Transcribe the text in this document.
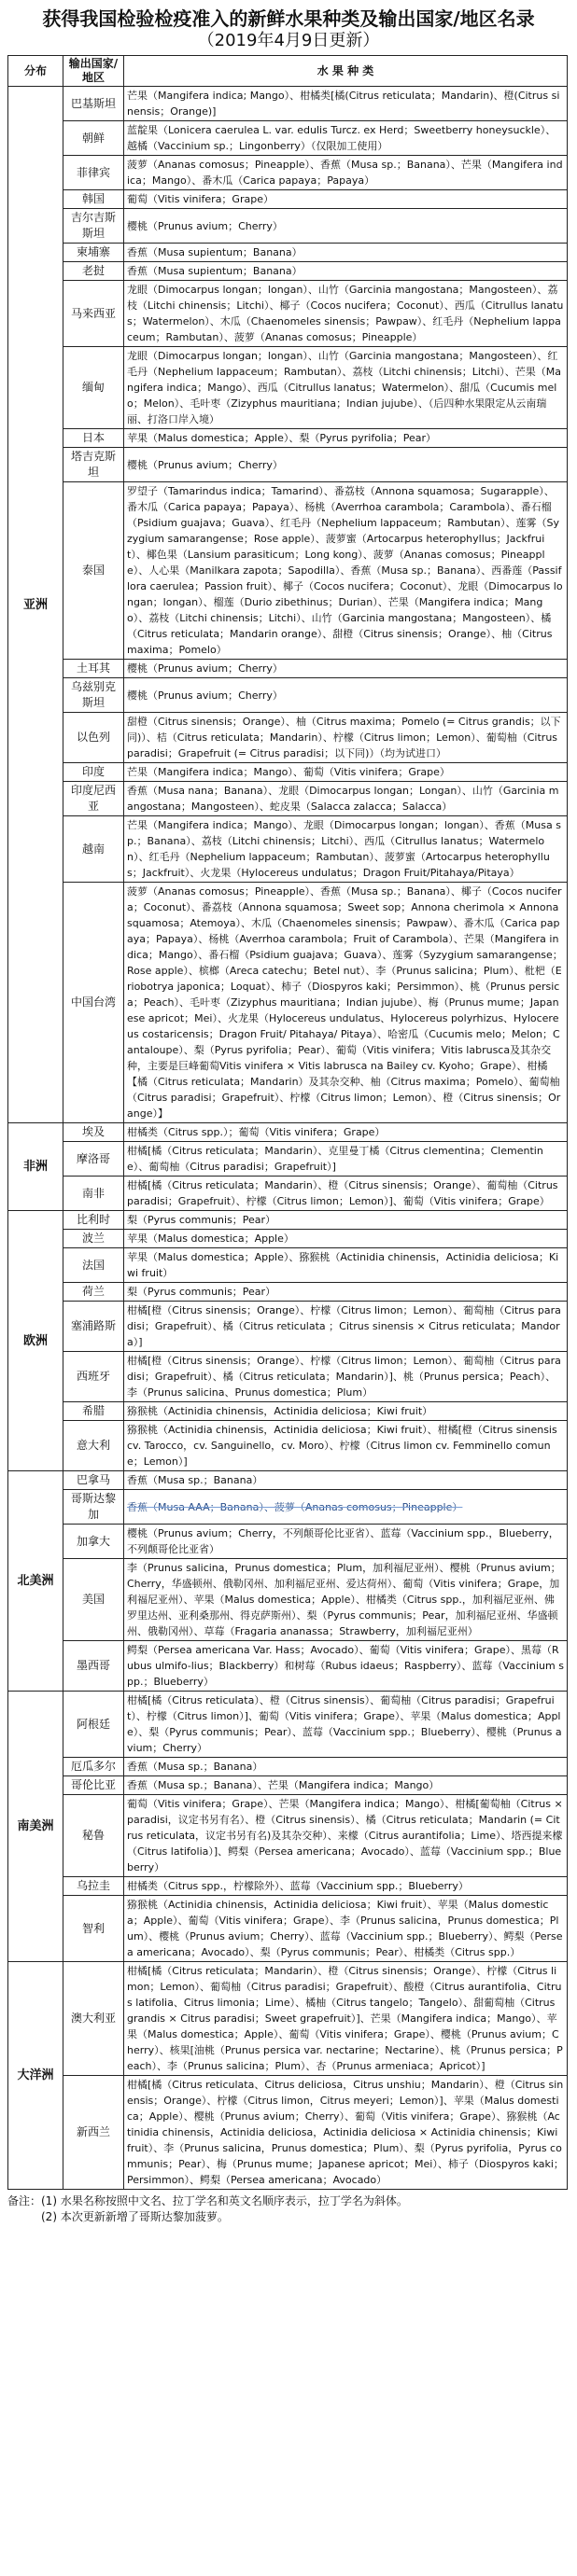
获得我国检验检疫准入的新鲜水果种类及输出国家/地区名录
（2019年4月9日更新）
分布	输出国家/地区	水 果 种 类
亚洲	巴基斯坦	芒果（Mangifera indica; Mango）、柑橘类[橘(Citrus reticulata；Mandarin)、橙(Citrus sinensis；Orange)]
	朝鲜	蓝靛果（Lonicera caerulea L. var. edulis Turcz. ex Herd；Sweetberry honeysuckle）、越橘（Vaccinium sp.；Lingonberry）（仅限加工使用）
	菲律宾	菠萝（Ananas comosus；Pineapple）、香蕉（Musa sp.；Banana）、芒果（Mangifera indica；Mango）、番木瓜（Carica papaya；Papaya）
	韩国	葡萄（Vitis vinifera；Grape）
	吉尔吉斯斯坦	樱桃（Prunus avium；Cherry）
	柬埔寨	香蕉（Musa supientum；Banana）
	老挝	香蕉（Musa supientum；Banana）
	马来西亚	龙眼（Dimocarpus longan；longan）、山竹（Garcinia mangostana；Mangosteen）、荔枝（Litchi chinensis；Litchi）、椰子（Cocos nucifera；Coconut）、西瓜（Citrullus lanatus；Watermelon）、木瓜（Chaenomeles sinensis；Pawpaw）、红毛丹（Nephelium lappaceum；Rambutan）、菠萝（Ananas comosus；Pineapple）
	缅甸	龙眼（Dimocarpus longan；longan）、山竹（Garcinia mangostana；Mangosteen）、红毛丹（Nephelium lappaceum；Rambutan）、荔枝（Litchi chinensis；Litchi）、芒果（Mangifera indica；Mango）、西瓜（Citrullus lanatus；Watermelon）、甜瓜（Cucumis melo；Melon）、毛叶枣（Zizyphus mauritiana；Indian jujube）、（后四种水果限定从云南瑞丽、打洛口岸入境）
	日本	苹果（Malus domestica；Apple）、梨（Pyrus pyrifolia；Pear）
	塔吉克斯坦	樱桃（Prunus avium；Cherry）
	泰国	罗望子（Tamarindus indica；Tamarind）、番荔枝（Annona squamosa；Sugarapple）、番木瓜（Carica papaya；Papaya）、杨桃（Averrhoa carambola；Carambola）、番石榴（Psidium guajava；Guava）、红毛丹（Nephelium lappaceum；Rambutan）、莲雾（Syzygium samarangense；Rose apple）、菠萝蜜（Artocarpus heterophyllus；Jackfruit）、椰色果（Lansium parasiticum；Long kong）、菠萝（Ananas comosus；Pineapple）、人心果（Manilkara zapota；Sapodilla）、香蕉（Musa sp.；Banana）、西番莲（Passiflora caerulea；Passion fruit）、椰子（Cocos nucifera；Coconut）、龙眼（Dimocarpus longan；longan）、榴莲（Durio zibethinus；Durian）、芒果（Mangifera indica；Mango）、荔枝（Litchi chinensis；Litchi）、山竹（Garcinia mangostana；Mangosteen）、橘（Citrus reticulata；Mandarin orange）、甜橙（Citrus sinensis；Orange）、柚（Citrus maxima；Pomelo）
	土耳其	樱桃（Prunus avium；Cherry）
	乌兹别克斯坦	樱桃（Prunus avium；Cherry）
	以色列	甜橙（Citrus sinensis；Orange）、柚（Citrus maxima；Pomelo (= Citrus grandis；以下同)）、桔（Citrus reticulata；Mandarin）、柠檬（Citrus limon；Lemon）、葡萄柚（Citrus paradisi；Grapefruit (= Citrus paradisi；以下同)）（均为试进口）
	印度	芒果（Mangifera indica；Mango）、葡萄（Vitis vinifera；Grape）
	印度尼西亚	香蕉（Musa nana；Banana）、龙眼（Dimocarpus longan；Longan）、山竹（Garcinia mangostana；Mangosteen）、蛇皮果（Salacca zalacca；Salacca）
	越南	芒果（Mangifera indica；Mango）、龙眼（Dimocarpus longan；longan）、香蕉（Musa sp.；Banana）、荔枝（Litchi chinensis；Litchi）、西瓜（Citrullus lanatus；Watermelon）、红毛丹（Nephelium lappaceum；Rambutan）、菠萝蜜（Artocarpus heterophyllus；Jackfruit）、火龙果（Hylocereus undulatus；Dragon Fruit/Pitahaya/Pitaya）
	中国台湾	菠萝（Ananas comosus；Pineapple）、香蕉（Musa sp.；Banana）、椰子（Cocos nucifera；Coconut）、番荔枝（Annona squamosa；Sweet sop；Annona cherimola × Annonasquamosa；Atemoya）、木瓜（Chaenomeles sinensis；Pawpaw）、番木瓜（Carica papaya；Papaya）、杨桃（Averrhoa carambola；Fruit of Carambola）、芒果（Mangifera indica；Mango）、番石榴（Psidium guajava；Guava）、莲雾（Syzygium samarangense；Rose apple）、槟榔（Areca catechu；Betel nut）、李（Prunus salicina；Plum）、枇杷（Eriobotrya japonica；Loquat）、柿子（Diospyros kaki；Persimmon）、桃（Prunus persica；Peach）、毛叶枣（Zizyphus mauritiana；Indian jujube）、梅（Prunus mume；Japanese apricot；Mei）、火龙果（Hylocereus undulatus、Hylocereus polyrhizus、Hylocereus costaricensis；Dragon Fruit/ Pitahaya/ Pitaya）、哈密瓜（Cucumis melo；Melon；Cantaloupe）、梨（Pyrus pyrifolia；Pear）、葡萄（Vitis vinifera；Vitis labrusca及其杂交种，主要是巨峰葡萄Vitis vinifera × Vitis labrusca na Bailey cv. Kyoho；Grape）、柑橘【橘（Citrus reticulata；Mandarin）及其杂交种、柚（Citrus maxima；Pomelo）、葡萄柚（Citrus paradisi；Grapefruit）、柠檬（Citrus limon；Lemon）、橙（Citrus sinensis；Orange）】
非洲	埃及	柑橘类（Citrus spp.）；葡萄（Vitis vinifera；Grape）
	摩洛哥	柑橘[橘（Citrus reticulata；Mandarin）、克里曼丁橘（Citrus clementina；Clementine）、葡萄柚（Citrus paradisi；Grapefruit）]
	南非	柑橘[橘（Citrus reticulata；Mandarin）、橙（Citrus sinensis；Orange）、葡萄柚（Citrus paradisi；Grapefruit）、柠檬（Citrus limon；Lemon）]、葡萄（Vitis vinifera；Grape）
欧洲	比利时	梨（Pyrus communis；Pear）
	波兰	苹果（Malus domestica；Apple）
	法国	苹果（Malus domestica；Apple）、猕猴桃（Actinidia chinensis，Actinidia deliciosa；Kiwi fruit）
	荷兰	梨（Pyrus communis；Pear）
	塞浦路斯	柑橘[橙（Citrus sinensis；Orange）、柠檬（Citrus limon；Lemon）、葡萄柚（Citrus paradisi；Grapefruit）、橘（Citrus reticulata ；Citrus sinensis × Citrus reticulata；Mandora）]
	西班牙	柑橘[橙（Citrus sinensis；Orange）、柠檬（Citrus limon；Lemon）、葡萄柚（Citrus paradisi；Grapefruit）、橘（Citrus reticulata；Mandarin）]、桃（Prunus persica；Peach）、李（Prunus salicina、Prunus domestica；Plum）
	希腊	猕猴桃（Actinidia chinensis，Actinidia deliciosa；Kiwi fruit）
	意大利	猕猴桃（Actinidia chinensis，Actinidia deliciosa；Kiwi fruit）、柑橘[橙（Citrus sinensis cv. Tarocco，cv. Sanguinello，cv. Moro）、柠檬（Citrus limon cv. Femminello comune；Lemon）]
北美洲	巴拿马	香蕉（Musa sp.；Banana）
	哥斯达黎加	香蕉（Musa AAA；Banana）、菠萝（Ananas comosus；Pineapple）
	加拿大	樱桃（Prunus avium；Cherry，不列颠哥伦比亚省）、蓝莓（Vaccinium spp.，Blueberry，不列颠哥伦比亚省）
	美国	李（Prunus salicina，Prunus domestica；Plum，加利福尼亚州）、樱桃（Prunus avium；Cherry，华盛顿州、俄勒冈州、加利福尼亚州、爱达荷州）、葡萄（Vitis vinifera；Grape，加利福尼亚州）、苹果（Malus domestica；Apple）、柑橘类（Citrus spp.，加利福尼亚州、佛罗里达州、亚利桑那州、得克萨斯州）、梨（Pyrus communis；Pear，加利福尼亚州、华盛顿州、俄勒冈州）、草莓（Fragaria ananassa；Strawberry，加利福尼亚州）
	墨西哥	鳄梨（Persea americana Var. Hass；Avocado）、葡萄（Vitis vinifera；Grape）、黑莓（Rubus ulmifo-lius；Blackberry）和树莓（Rubus idaeus；Raspberry）、蓝莓（Vaccinium spp.；Blueberry）
南美洲	阿根廷	柑橘[橘（Citrus reticulata）、橙（Citrus sinensis）、葡萄柚（Citrus paradisi；Grapefruit）、柠檬（Citrus limon）]、葡萄（Vitis vinifera；Grape）、苹果（Malus domestica；Apple）、梨（Pyrus communis；Pear）、蓝莓（Vaccinium spp.；Blueberry）、樱桃（Prunus avium；Cherry）
	厄瓜多尔	香蕉（Musa sp.；Banana）
	哥伦比亚	香蕉（Musa sp.；Banana）、芒果（Mangifera indica；Mango）
	秘鲁	葡萄（Vitis vinifera；Grape）、芒果（Mangifera indica；Mango）、柑橘[葡萄柚（Citrus × paradisi，议定书另有名）、橙（Citrus sinensis）、橘（Citrus reticulata；Mandarin (= Citrus reticulata，议定书另有名)及其杂交种）、来檬（Citrus aurantifolia；Lime）、塔西提来檬（Citrus latifolia）]、鳄梨（Persea americana；Avocado）、蓝莓（Vaccinium spp.；Blueberry）
	乌拉圭	柑橘类（Citrus spp.，柠檬除外）、蓝莓（Vaccinium spp.；Blueberry）
	智利	猕猴桃（Actinidia chinensis，Actinidia deliciosa；Kiwi fruit）、苹果（Malus domestica；Apple）、葡萄（Vitis vinifera；Grape）、李（Prunus salicina，Prunus domestica；Plum）、樱桃（Prunus avium；Cherry）、蓝莓（Vaccinium spp.；Blueberry）、鳄梨（Persea americana；Avocado）、梨（Pyrus communis；Pear）、柑橘类（Citrus spp.）
大洋洲	澳大利亚	柑橘[橘（Citrus reticulata；Mandarin）、橙（Citrus sinensis；Orange）、柠檬（Citrus limon；Lemon）、葡萄柚（Citrus paradisi；Grapefruit）、酸橙（Citrus aurantifolia、Citrus latifolia、Citrus limonia；Lime）、橘柚（Citrus tangelo；Tangelo）、甜葡萄柚（Citrus grandis × Citrus paradisi；Sweet grapefruit）]、芒果（Mangifera indica；Mango）、苹果（Malus domestica；Apple）、葡萄（Vitis vinifera；Grape）、樱桃（Prunus avium；Cherry）、核果[油桃（Prunus persica var. nectarine；Nectarine）、桃（Prunus persica；Peach）、李（Prunus salicina；Plum）、杏（Prunus armeniaca；Apricot）]
	新西兰	柑橘[橘（Citrus reticulata、Citrus deliciosa，Citrus unshiu；Mandarin）、橙（Citrus sinensis；Orange）、柠檬（Citrus limon，Citrus meyeri；Lemon）]、苹果（Malus domestica；Apple）、樱桃（Prunus avium；Cherry）、葡萄（Vitis vinifera；Grape）、猕猴桃（Actinidia chinensis，Actinidia deliciosa，Actinidia deliciosa × Actinidia chinensis；Kiwi fruit）、李（Prunus salicina，Prunus domestica；Plum）、梨（Pyrus pyrifolia，Pyrus communis；Pear）、梅（Prunus mume；Japanese apricot；Mei）、柿子（Diospyros kaki；Persimmon）、鳄梨（Persea americana；Avocado）
备注：(1) 水果名称按照中文名、拉丁学名和英文名顺序表示，拉丁学名为斜体。
　　　(2) 本次更新新增了哥斯达黎加菠萝。
